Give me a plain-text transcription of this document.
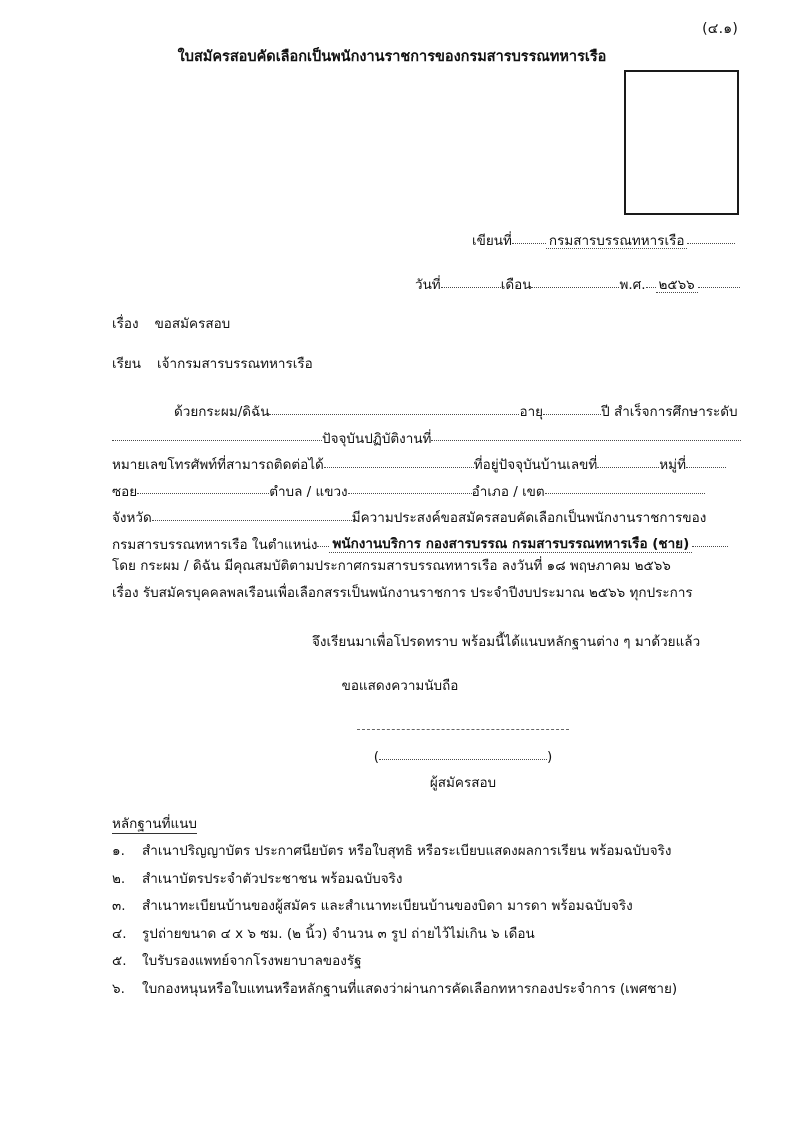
(๔.๑)
ใบสมัครสอบคัดเลือกเป็นพนักงานราชการของกรมสารบรรณทหารเรือ
เขียนที่	กรมสารบรรณทหารเรือ
วันที่	เดือน	พ.ศ. ๒๕๖๖
เรื่อง ขอสมัครสอบ
เรียน เจ้ากรมสารบรรณทหารเรือ
ด้วยกระผม/ดิฉัน	อายุ	ปี สำเร็จการศึกษาระดับ
ปัจจุบันปฏิบัติงานที่
หมายเลขโทรศัพท์ที่สามารถติดต่อได้	ที่อยู่ปัจจุบันบ้านเลขที่	หมู่ที่
ซอย	ตำบล / แขวง	อำเภอ / เขต
จังหวัด	มีความประสงค์ขอสมัครสอบคัดเลือกเป็นพนักงานราชการของ
กรมสารบรรณทหารเรือ ในตำแหน่ง พนักงานบริการ กองสารบรรณ กรมสารบรรณทหารเรือ (ชาย)
โดย กระผม / ดิฉัน มีคุณสมบัติตามประกาศกรมสารบรรณทหารเรือ ลงวันที่ ๑๘ พฤษภาคม ๒๕๖๖
เรื่อง รับสมัครบุคคลพลเรือนเพื่อเลือกสรรเป็นพนักงานราชการ ประจำปีงบประมาณ ๒๕๖๖ ทุกประการ
จึงเรียนมาเพื่อโปรดทราบ พร้อมนี้ได้แนบหลักฐานต่าง ๆ มาด้วยแล้ว
ขอแสดงความนับถือ
(	)
ผู้สมัครสอบ
หลักฐานที่แนบ
๑.	สำเนาปริญญาบัตร ประกาศนียบัตร หรือใบสุทธิ หรือระเบียบแสดงผลการเรียน พร้อมฉบับจริง
๒.	สำเนาบัตรประจำตัวประชาชน พร้อมฉบับจริง
๓.	สำเนาทะเบียนบ้านของผู้สมัคร และสำเนาทะเบียนบ้านของบิดา มารดา พร้อมฉบับจริง
๔.	รูปถ่ายขนาด ๔ x ๖ ซม. (๒ นิ้ว) จำนวน ๓ รูป ถ่ายไว้ไม่เกิน ๖ เดือน
๕.	ใบรับรองแพทย์จากโรงพยาบาลของรัฐ
๖.	ใบกองหนุนหรือใบแทนหรือหลักฐานที่แสดงว่าผ่านการคัดเลือกทหารกองประจำการ (เพศชาย)
